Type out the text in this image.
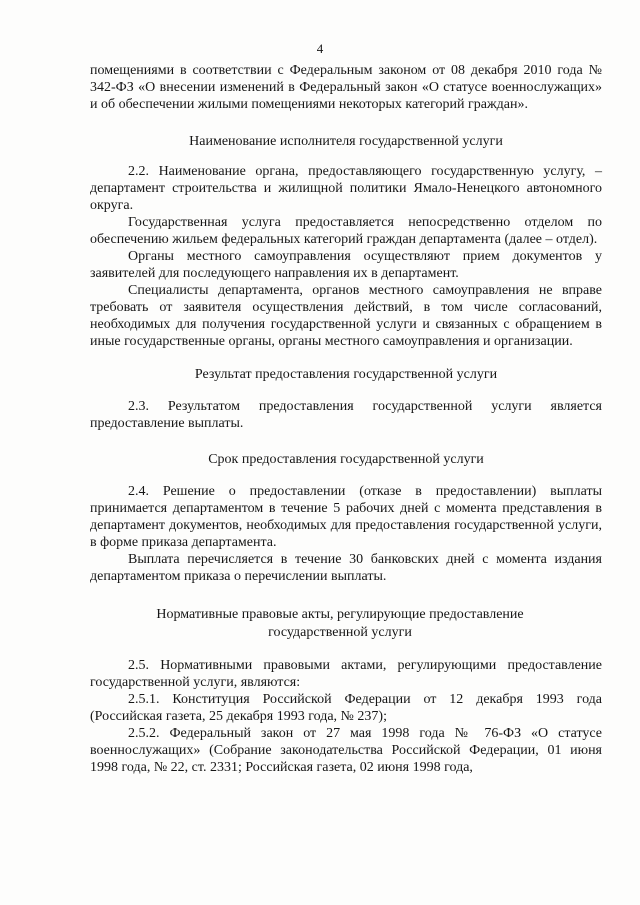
4

помещениями в соответствии с Федеральным законом от 08 декабря 2010 года № 342-ФЗ «О внесении изменений в Федеральный закон «О статусе военнослужащих» и об обеспечении жилыми помещениями некоторых категорий граждан».

Наименование исполнителя государственной услуги

2.2. Наименование органа, предоставляющего государственную услугу, – департамент строительства и жилищной политики Ямало-Ненецкого автономного округа.

Государственная услуга предоставляется непосредственно отделом по обеспечению жильем федеральных категорий граждан департамента (далее – отдел).

Органы местного самоуправления осуществляют прием документов у заявителей для последующего направления их в департамент.

Специалисты департамента, органов местного самоуправления не вправе требовать от заявителя осуществления действий, в том числе согласований, необходимых для получения государственной услуги и связанных с обращением в иные государственные органы, органы местного самоуправления и организации.

Результат предоставления государственной услуги

2.3. Результатом предоставления государственной услуги является предоставление выплаты.

Срок предоставления государственной услуги

2.4. Решение о предоставлении (отказе в предоставлении) выплаты принимается департаментом в течение 5 рабочих дней с момента представления в департамент документов, необходимых для предоставления государственной услуги, в форме приказа департамента.

Выплата перечисляется в течение 30 банковских дней с момента издания департаментом приказа о перечислении выплаты.

Нормативные правовые акты, регулирующие предоставление государственной услуги

2.5. Нормативными правовыми актами, регулирующими предоставление государственной услуги, являются:

2.5.1. Конституция Российской Федерации от 12 декабря 1993 года (Российская газета, 25 декабря 1993 года, № 237);

2.5.2. Федеральный закон от 27 мая 1998 года № 76-ФЗ «О статусе военнослужащих» (Собрание законодательства Российской Федерации, 01 июня 1998 года, № 22, ст. 2331; Российская газета, 02 июня 1998 года,
